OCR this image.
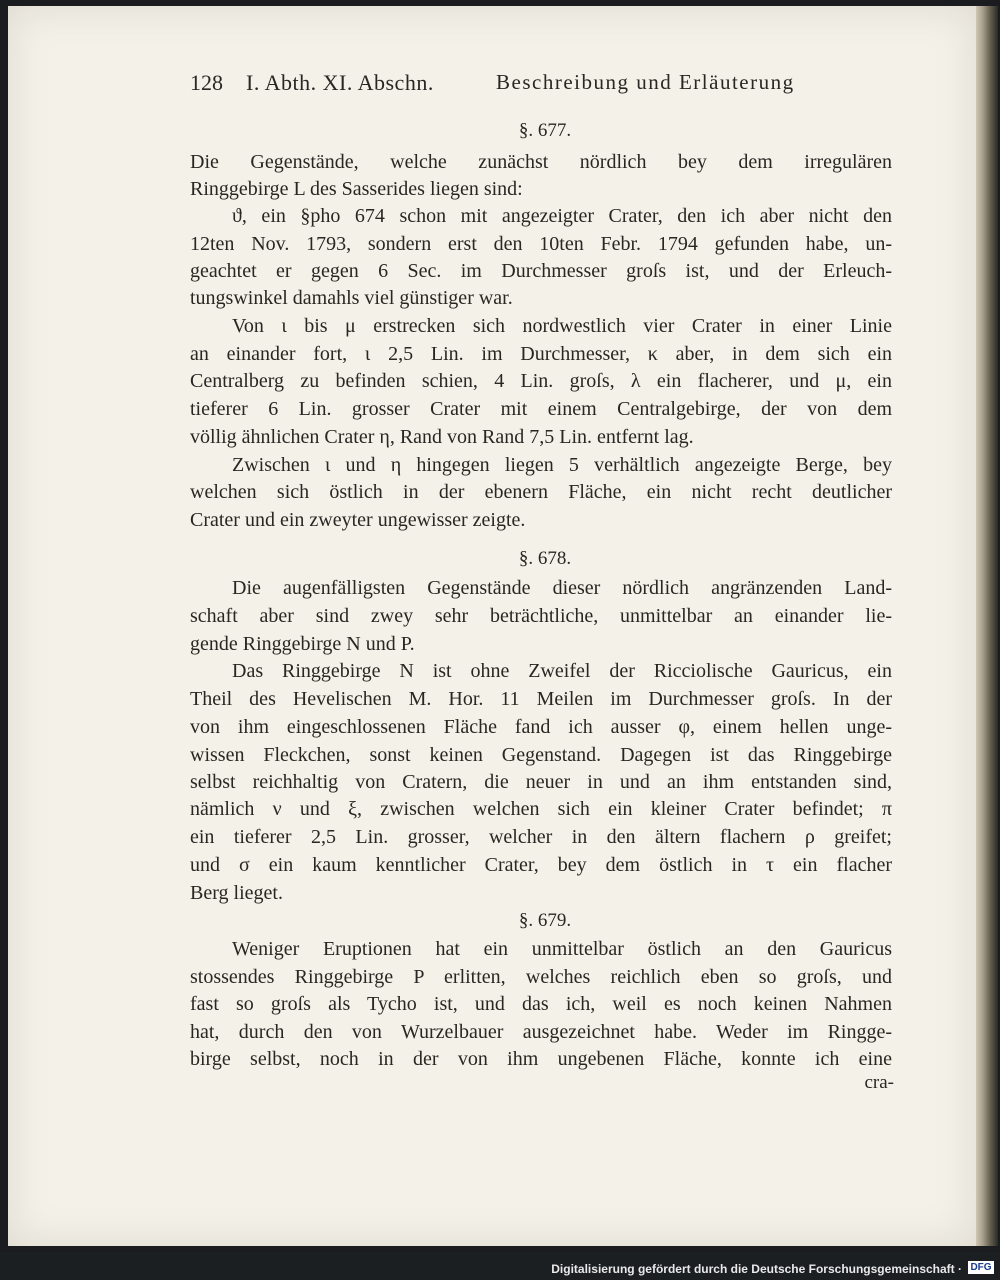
128 I. Abth. XI. Abschn.	Beschreibung und Erläuterung
§. 677.
Die Gegenstände, welche zunächst nördlich bey dem irregulären
Ringgebirge L des Sasserides liegen sind:
ϑ, ein §pho 674 schon mit angezeigter Crater, den ich aber nicht den
12ten Nov. 1793, sondern erst den 10ten Febr. 1794 gefunden habe, un-
geachtet er gegen 6 Sec. im Durchmesser groſs ist, und der Erleuch-
tungswinkel damahls viel günstiger war.
Von ι bis μ erstrecken sich nordwestlich vier Crater in einer Linie
an einander fort, ι 2,5 Lin. im Durchmesser, κ aber, in dem sich ein
Centralberg zu befinden schien, 4 Lin. groſs, λ ein flacherer, und μ, ein
tieferer 6 Lin. grosser Crater mit einem Centralgebirge, der von dem
völlig ähnlichen Crater η, Rand von Rand 7,5 Lin. entfernt lag.
Zwischen ι und η hingegen liegen 5 verhältlich angezeigte Berge, bey
welchen sich östlich in der ebenern Fläche, ein nicht recht deutlicher
Crater und ein zweyter ungewisser zeigte.
§. 678.
Die augenfälligsten Gegenstände dieser nördlich angränzenden Land-
schaft aber sind zwey sehr beträchtliche, unmittelbar an einander lie-
gende Ringgebirge N und P.
Das Ringgebirge N ist ohne Zweifel der Ricciolische Gauricus, ein
Theil des Hevelischen M. Hor. 11 Meilen im Durchmesser groſs. In der
von ihm eingeschlossenen Fläche fand ich ausser φ, einem hellen unge-
wissen Fleckchen, sonst keinen Gegenstand. Dagegen ist das Ringgebirge
selbst reichhaltig von Cratern, die neuer in und an ihm entstanden sind,
nämlich ν und ξ, zwischen welchen sich ein kleiner Crater befindet; π
ein tieferer 2,5 Lin. grosser, welcher in den ältern flachern ρ greifet;
und σ ein kaum kenntlicher Crater, bey dem östlich in τ ein flacher
Berg lieget.
§. 679.
Weniger Eruptionen hat ein unmittelbar östlich an den Gauricus
stossendes Ringgebirge P erlitten, welches reichlich eben so groſs, und
fast so groſs als Tycho ist, und das ich, weil es noch keinen Nahmen
hat, durch den von Wurzelbauer ausgezeichnet habe. Weder im Ringge-
birge selbst, noch in der von ihm ungebenen Fläche, konnte ich eine
cra-
Digitalisierung gefördert durch die Deutsche Forschungsgemeinschaft · DFG
